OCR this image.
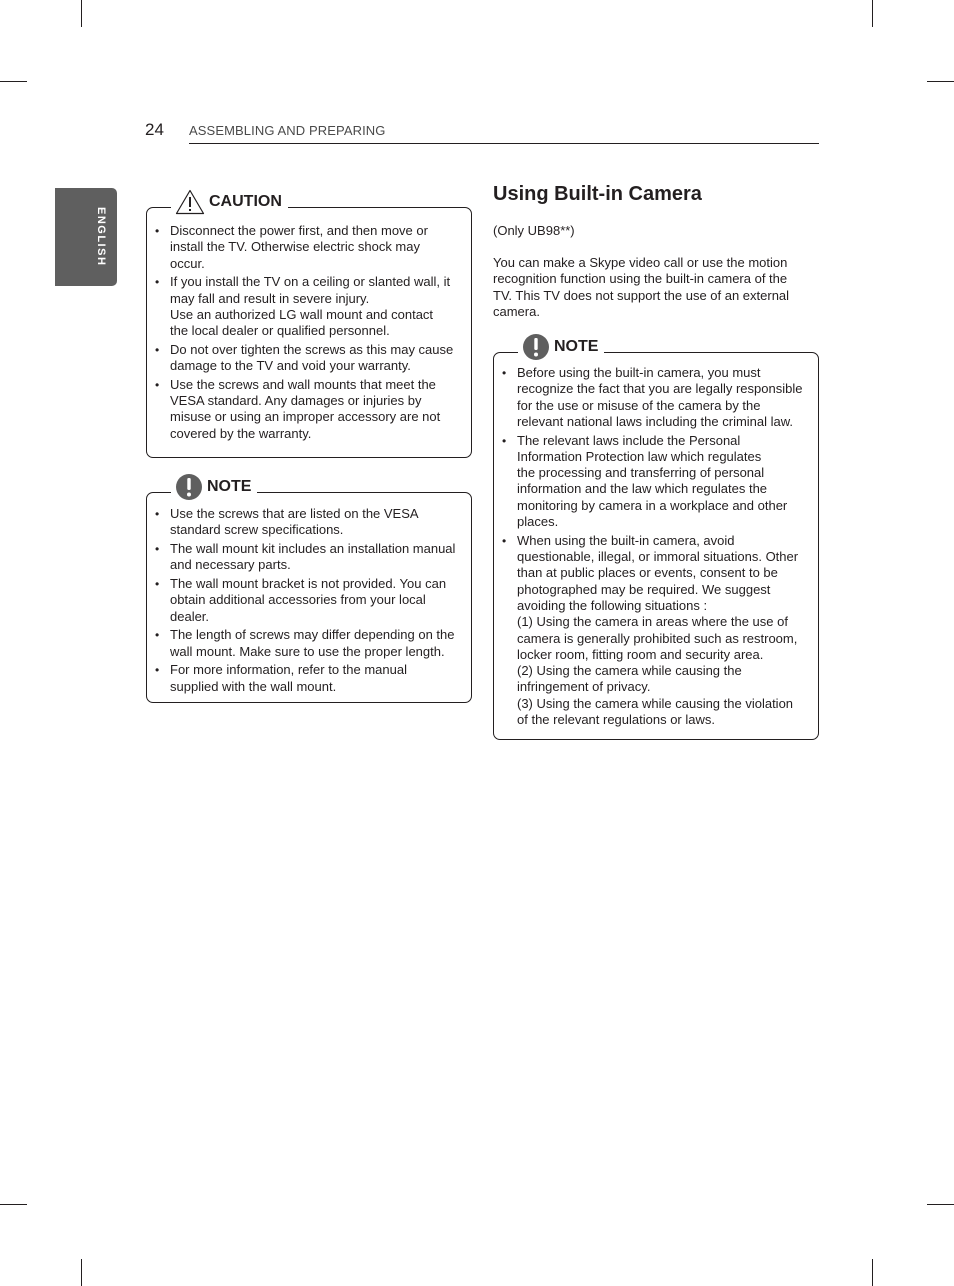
24 ASSEMBLING AND PREPARING
ENGLISH
CAUTION
• Disconnect the power first, and then move or
install the TV. Otherwise electric shock may
occur.
• If you install the TV on a ceiling or slanted wall, it
may fall and result in severe injury.
Use an authorized LG wall mount and contact
the local dealer or qualified personnel.
• Do not over tighten the screws as this may cause
damage to the TV and void your warranty.
• Use the screws and wall mounts that meet the
VESA standard. Any damages or injuries by
misuse or using an improper accessory are not
covered by the warranty.
NOTE
• Use the screws that are listed on the VESA
standard screw specifications.
• The wall mount kit includes an installation manual
and necessary parts.
• The wall mount bracket is not provided. You can
obtain additional accessories from your local
dealer.
• The length of screws may differ depending on the
wall mount. Make sure to use the proper length.
• For more information, refer to the manual
supplied with the wall mount.
Using Built-in Camera
(Only UB98**)
You can make a Skype video call or use the motion
recognition function using the built-in camera of the
TV. This TV does not support the use of an external
camera.
NOTE
• Before using the built-in camera, you must
recognize the fact that you are legally responsible
for the use or misuse of the camera by the
relevant national laws including the criminal law.
• The relevant laws include the Personal
Information Protection law which regulates
the processing and transferring of personal
information and the law which regulates the
monitoring by camera in a workplace and other
places.
• When using the built-in camera, avoid
questionable, illegal, or immoral situations. Other
than at public places or events, consent to be
photographed may be required. We suggest
avoiding the following situations :
(1) Using the camera in areas where the use of
camera is generally prohibited such as restroom,
locker room, fitting room and security area.
(2) Using the camera while causing the
infringement of privacy.
(3) Using the camera while causing the violation
of the relevant regulations or laws.
